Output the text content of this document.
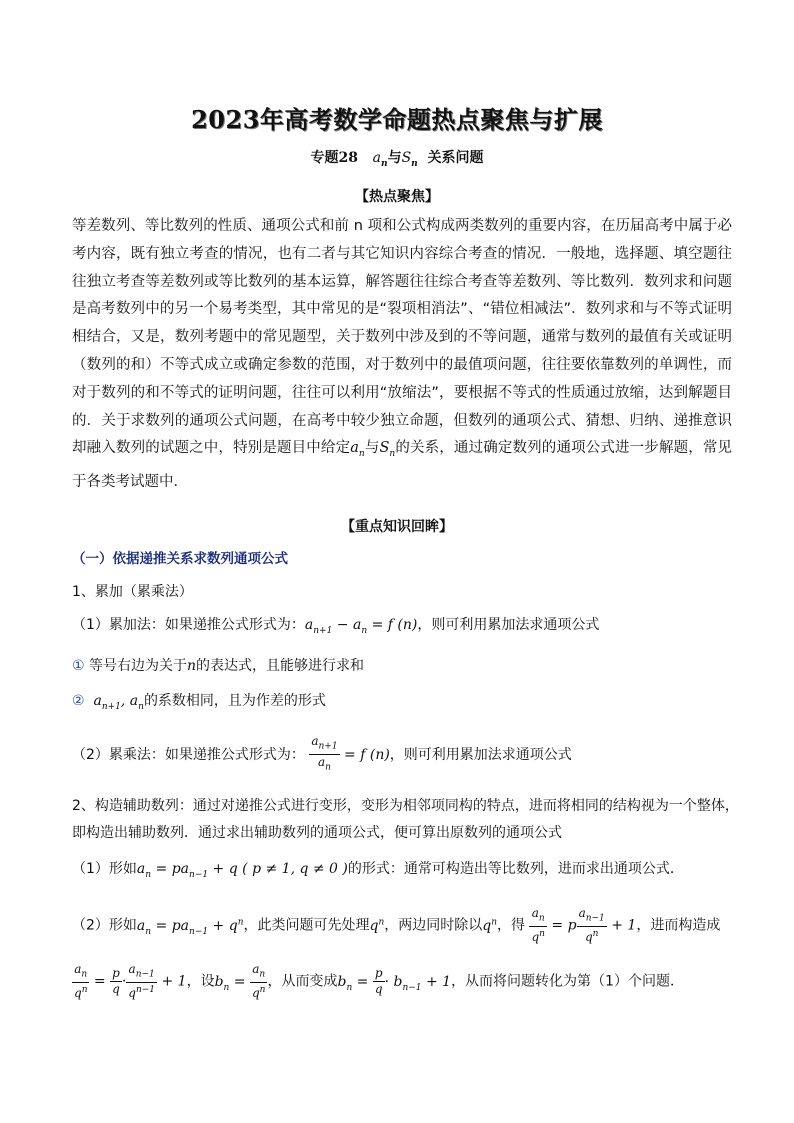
2023年高考数学命题热点聚焦与扩展
专题28 $a_n$与$S_n$ 关系问题
【热点聚焦】
等差数列、等比数列的性质、通项公式和前 n 项和公式构成两类数列的重要内容，在历届高考中属于必考内容，既有独立考查的情况，也有二者与其它知识内容综合考查的情况．一般地，选择题、填空题往往独立考查等差数列或等比数列的基本运算，解答题往往综合考查等差数列、等比数列．数列求和问题是高考数列中的另一个易考类型，其中常见的是“裂项相消法”、“错位相减法”．数列求和与不等式证明相结合，又是，数列考题中的常见题型，关于数列中涉及到的不等问题，通常与数列的最值有关或证明（数列的和）不等式成立或确定参数的范围，对于数列中的最值项问题，往往要依靠数列的单调性，而对于数列的和不等式的证明问题，往往可以利用“放缩法”，要根据不等式的性质通过放缩，达到解题目的．关于求数列的通项公式问题，在高考中较少独立命题，但数列的通项公式、猜想、归纳、递推意识却融入数列的试题之中，特别是题目中给定$a_n$与$S_n$的关系，通过确定数列的通项公式进一步解题，常见于各类考试题中．
【重点知识回眸】
（一）依据递推关系求数列通项公式
1、累加（累乘法）
（1）累加法：如果递推公式形式为：$a_{n+1} - a_n = f$ (n)，则可利用累加法求通项公式
① 等号右边为关于n的表达式，且能够进行求和
②  $a_{n+1}$, $a_n$的系数相同，且为作差的形式
（2）累乘法：如果递推公式形式为： $\frac{a_{n+1}}{a_n} = f$ (n)，则可利用累加法求通项公式
2、构造辅助数列：通过对递推公式进行变形，变形为相邻项同构的特点，进而将相同的结构视为一个整体，
即构造出辅助数列．通过求出辅助数列的通项公式，便可算出原数列的通项公式
（1）形如$a_n = pa_{n-1} + q$ ( p ≠ 1, q ≠ 0 )的形式：通常可构造出等比数列，进而求出通项公式．
（2）形如$a_n = pa_{n-1} + q^n$，此类问题可先处理$q^n$，两边同时除以$q^n$，得 $\frac{a_n}{q^n} = p \frac{a_{n-1}}{q^n} + 1$，进而构造成
$\frac{a_n}{q^n} = \frac{p}{q} \cdot \frac{a_{n-1}}{q^{n-1}} + 1$，设$b_n = \frac{a_n}{q^n}$ ，从而变成$b_n = \frac{p}{q} \cdot b_{n-1} + 1$，从而将问题转化为第（1）个问题．
